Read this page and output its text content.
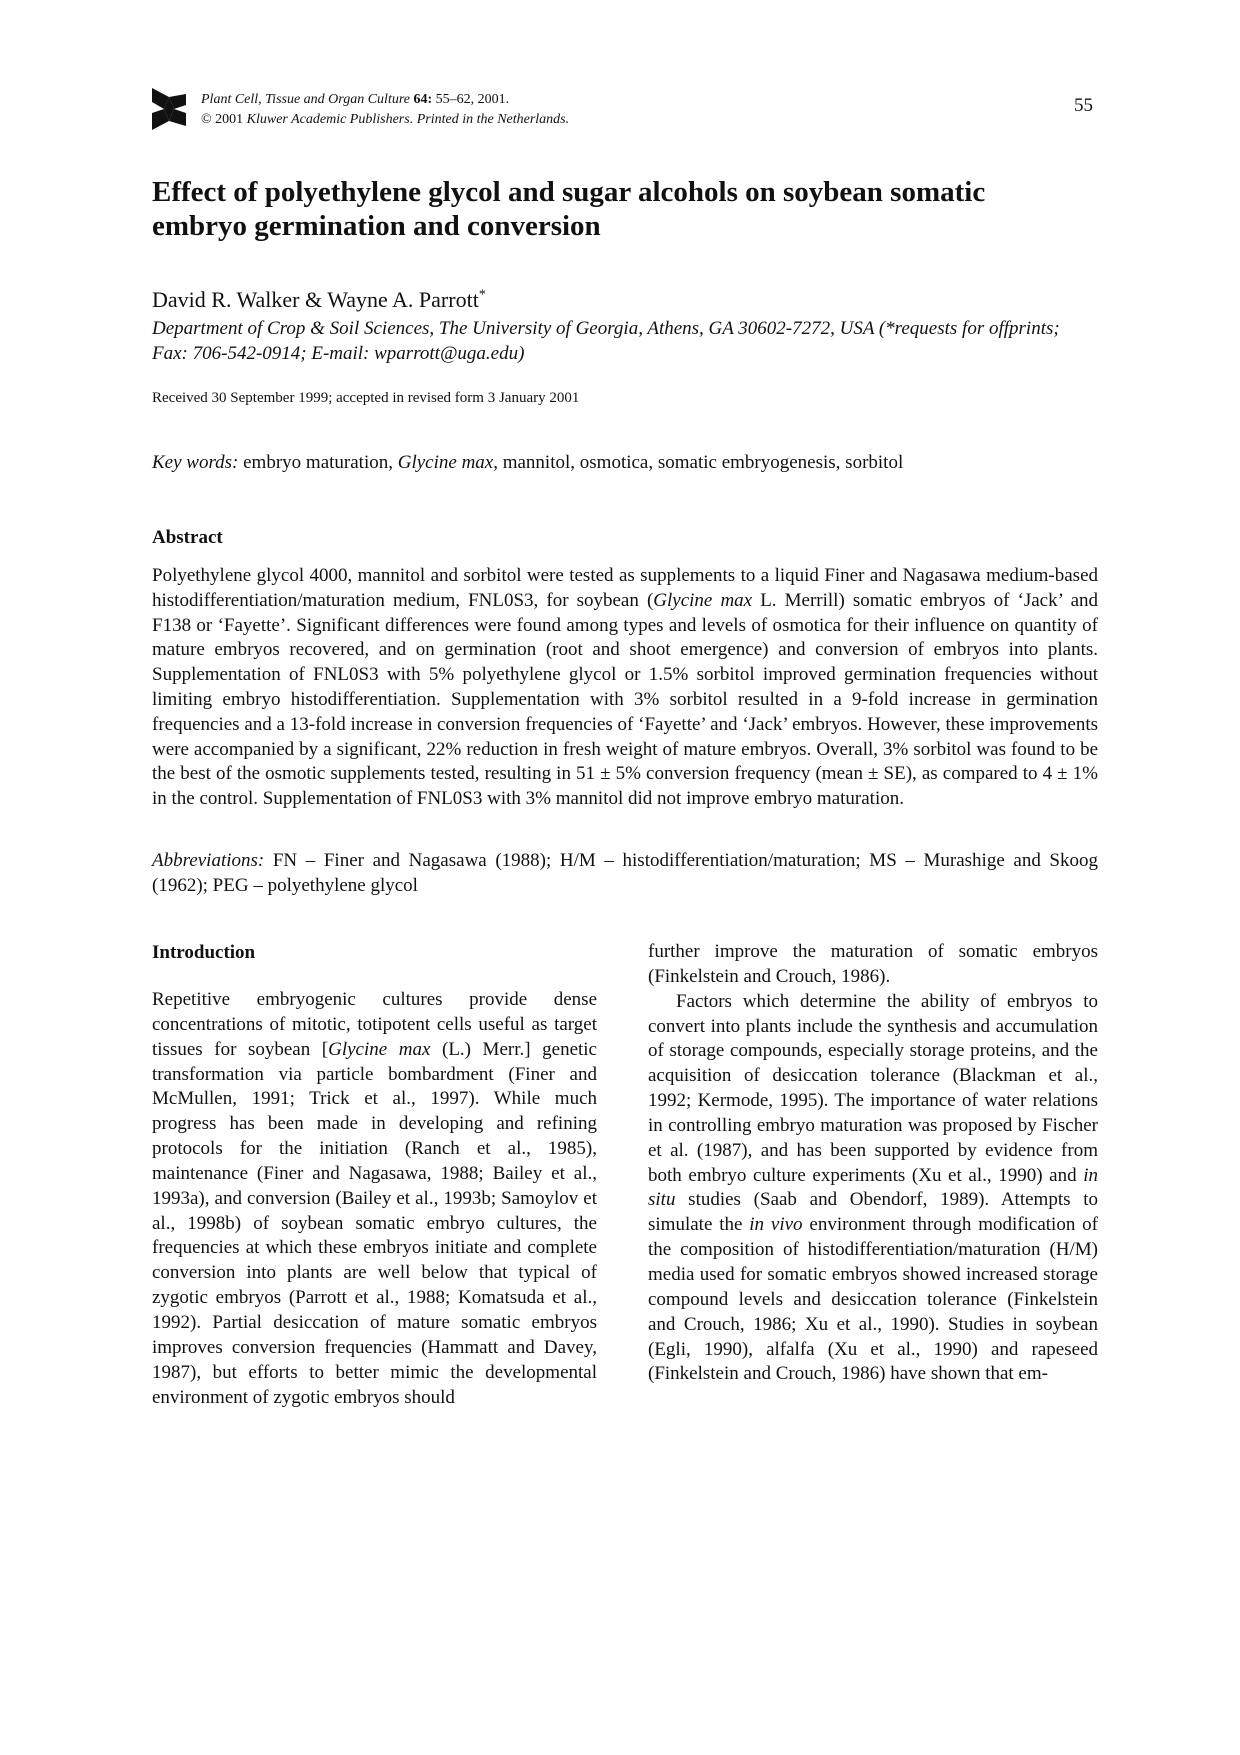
Plant Cell, Tissue and Organ Culture 64: 55–62, 2001.
© 2001 Kluwer Academic Publishers. Printed in the Netherlands.
55
Effect of polyethylene glycol and sugar alcohols on soybean somatic embryo germination and conversion
David R. Walker & Wayne A. Parrott*
Department of Crop & Soil Sciences, The University of Georgia, Athens, GA 30602-7272, USA (*requests for offprints; Fax: 706-542-0914; E-mail: wparrott@uga.edu)
Received 30 September 1999; accepted in revised form 3 January 2001
Key words: embryo maturation, Glycine max, mannitol, osmotica, somatic embryogenesis, sorbitol
Abstract

Polyethylene glycol 4000, mannitol and sorbitol were tested as supplements to a liquid Finer and Nagasawa medium-based histodifferentiation/maturation medium, FNL0S3, for soybean (Glycine max L. Merrill) somatic embryos of ‘Jack’ and F138 or ‘Fayette’. Significant differences were found among types and levels of osmotica for their influence on quantity of mature embryos recovered, and on germination (root and shoot emergence) and conversion of embryos into plants. Supplementation of FNL0S3 with 5% polyethylene glycol or 1.5% sorbitol improved germination frequencies without limiting embryo histodifferentiation. Supplementation with 3% sorbitol resulted in a 9-fold increase in germination frequencies and a 13-fold increase in conversion frequencies of ‘Fayette’ and ‘Jack’ embryos. However, these improvements were accompanied by a significant, 22% reduction in fresh weight of mature embryos. Overall, 3% sorbitol was found to be the best of the osmotic supplements tested, resulting in 51 ± 5% conversion frequency (mean ± SE), as compared to 4 ± 1% in the control. Supplementation of FNL0S3 with 3% mannitol did not improve embryo maturation.

Abbreviations: FN – Finer and Nagasawa (1988); H/M – histodifferentiation/maturation; MS – Murashige and Skoog (1962); PEG – polyethylene glycol

Introduction

Repetitive embryogenic cultures provide dense concentrations of mitotic, totipotent cells useful as target tissues for soybean [Glycine max (L.) Merr.] genetic transformation via particle bombardment (Finer and McMullen, 1991; Trick et al., 1997). While much progress has been made in developing and refining protocols for the initiation (Ranch et al., 1985), maintenance (Finer and Nagasawa, 1988; Bailey et al., 1993a), and conversion (Bailey et al., 1993b; Samoylov et al., 1998b) of soybean somatic embryo cultures, the frequencies at which these embryos initiate and complete conversion into plants are well below that typical of zygotic embryos (Parrott et al., 1988; Komatsuda et al., 1992). Partial desiccation of mature somatic embryos improves conversion frequencies (Hammatt and Davey, 1987), but efforts to better mimic the developmental environment of zygotic embryos should

further improve the maturation of somatic embryos (Finkelstein and Crouch, 1986).

Factors which determine the ability of embryos to convert into plants include the synthesis and accumulation of storage compounds, especially storage proteins, and the acquisition of desiccation tolerance (Blackman et al., 1992; Kermode, 1995). The importance of water relations in controlling embryo maturation was proposed by Fischer et al. (1987), and has been supported by evidence from both embryo culture experiments (Xu et al., 1990) and in situ studies (Saab and Obendorf, 1989). Attempts to simulate the in vivo environment through modification of the composition of histodifferentiation/maturation (H/M) media used for somatic embryos showed increased storage compound levels and desiccation tolerance (Finkelstein and Crouch, 1986; Xu et al., 1990). Studies in soybean (Egli, 1990), alfalfa (Xu et al., 1990) and rapeseed (Finkelstein and Crouch, 1986) have shown that em-
